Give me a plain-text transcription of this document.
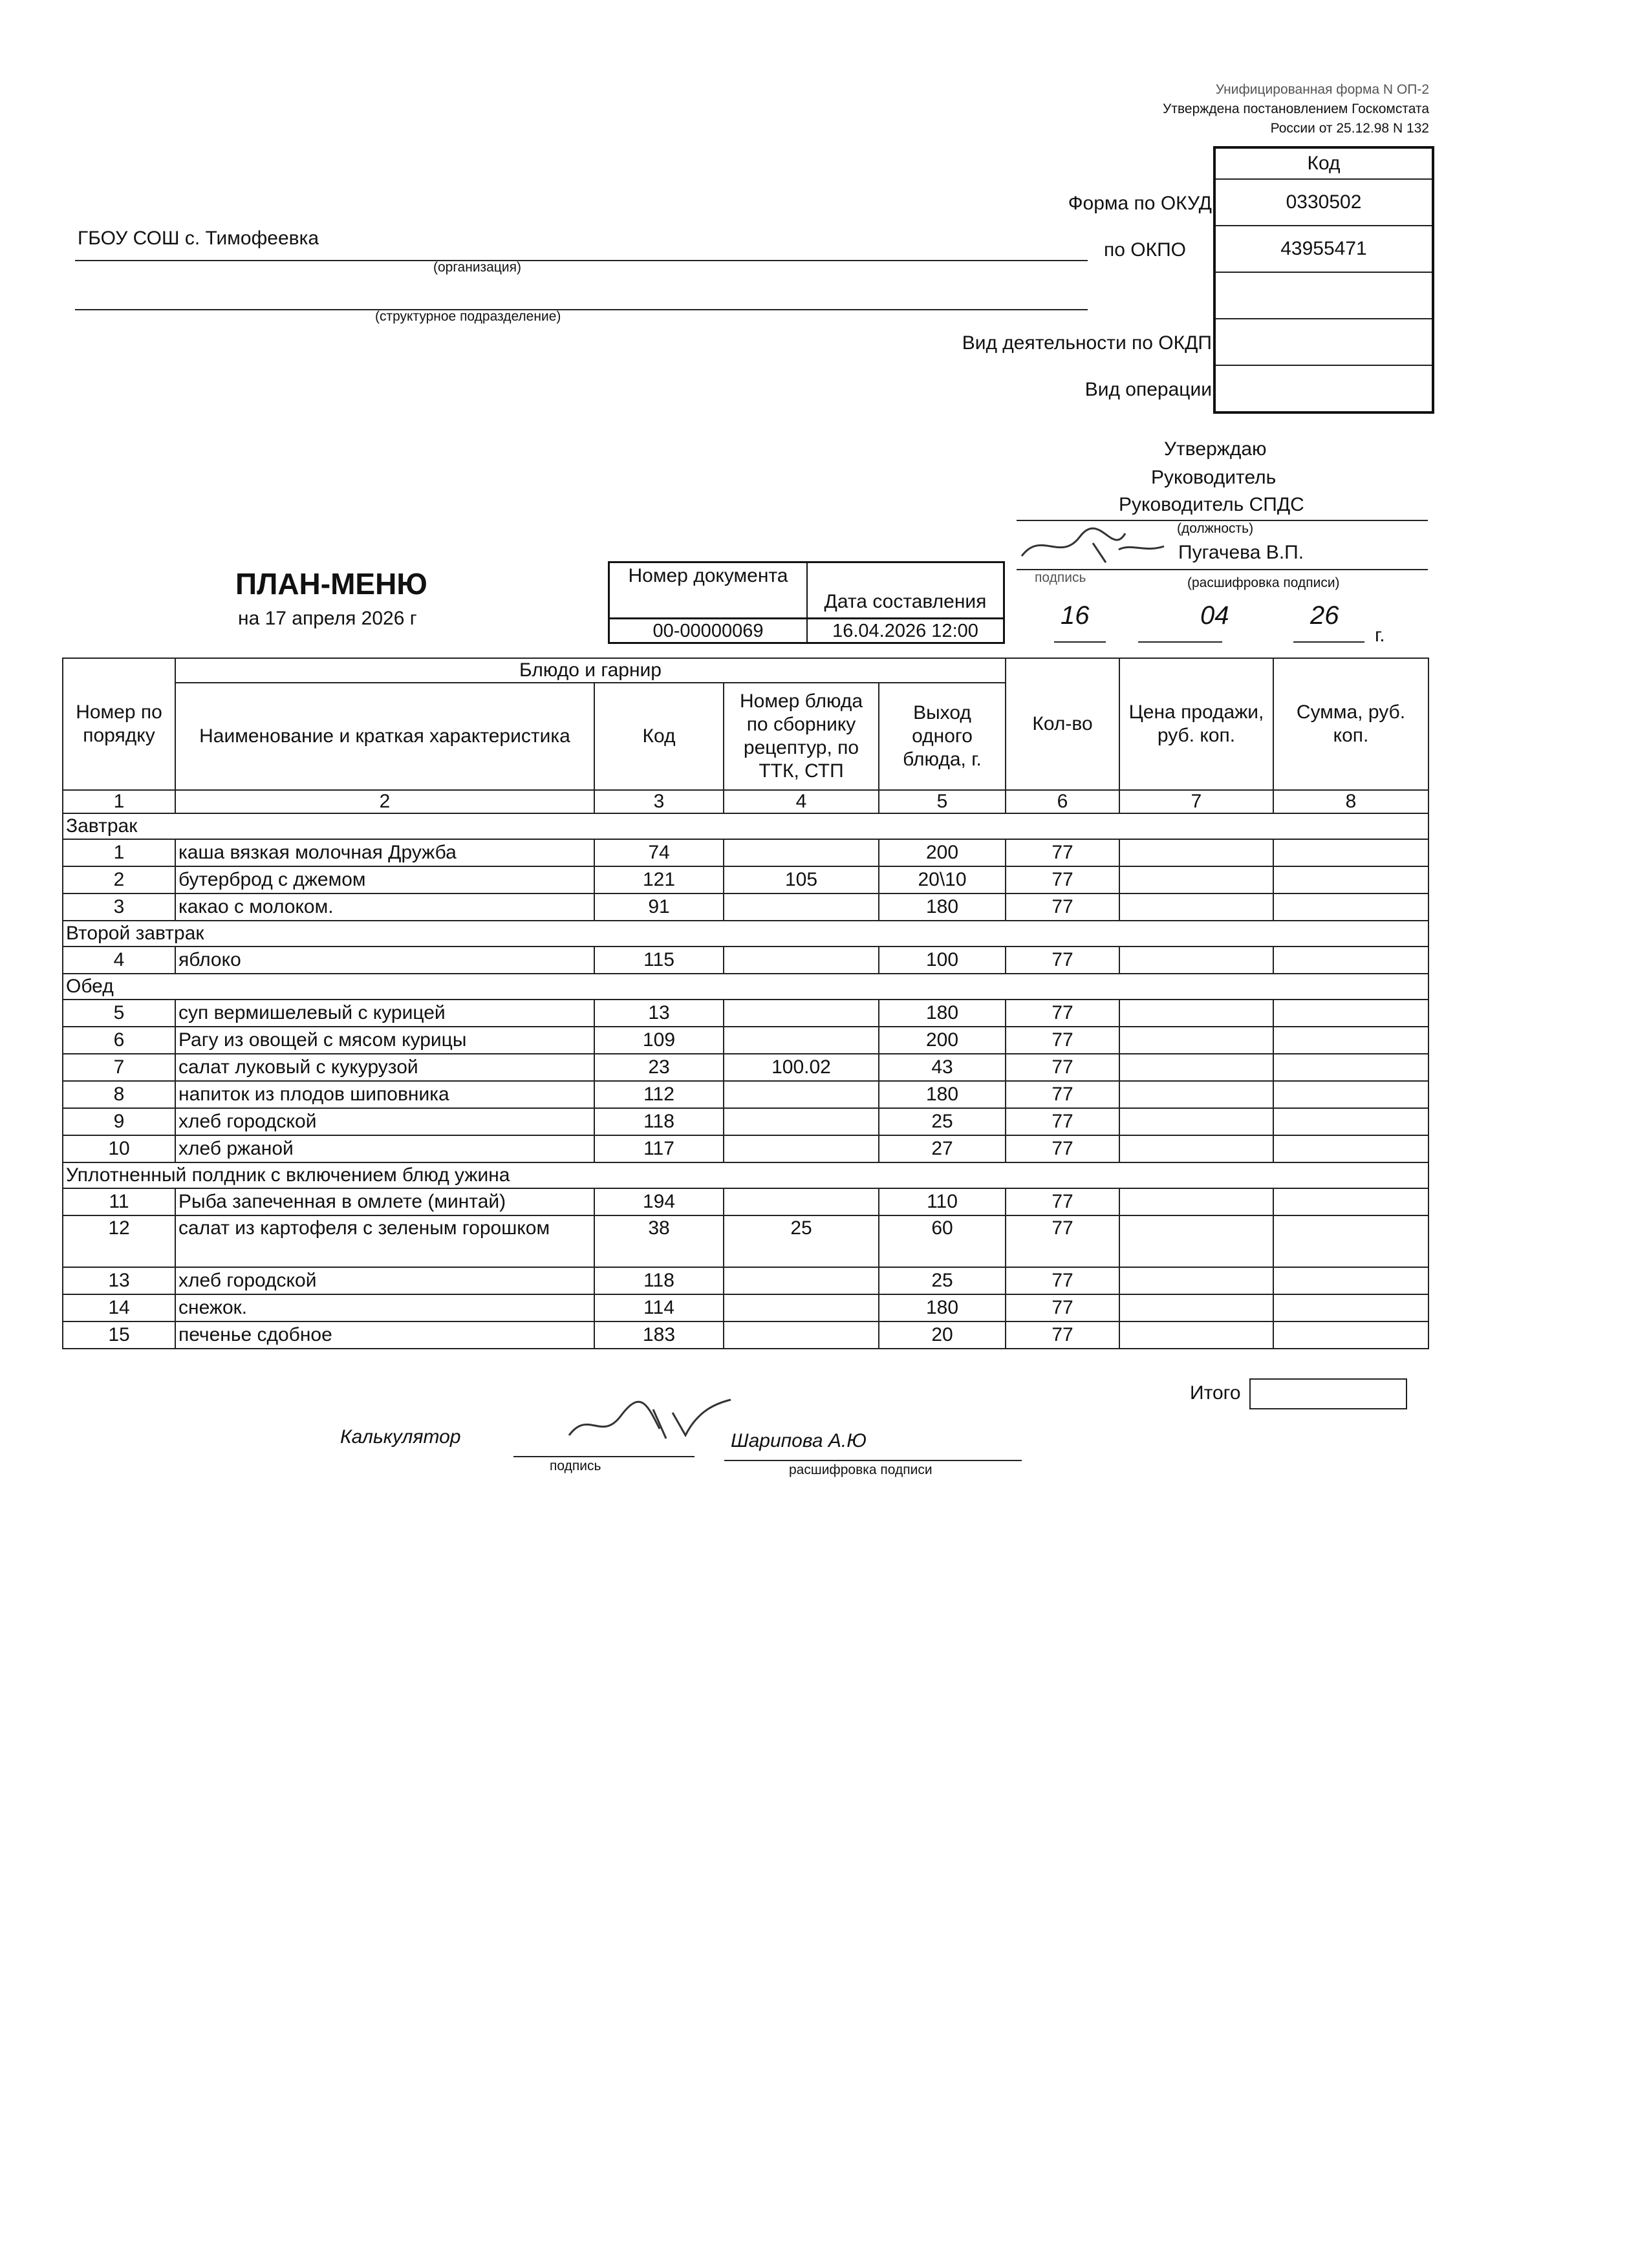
Унифицированная форма N ОП-2
Утверждена постановлением Госкомстата
России от 25.12.98 N 132
Код
0330502
43955471
Форма по ОКУД
по ОКПО
Вид деятельности по ОКДП
Вид операции
ГБОУ СОШ с. Тимофеевка
(организация)
(структурное подразделение)
Утверждаю
Руководитель
Руководитель СПДС
(должность)
Пугачева В.П.
подпись	(расшифровка подписи)
16	04	26
г.
ПЛАН-МЕНЮ
на 17 апреля 2026 г
Номер документа
00-00000069
Дата составления
16.04.2026 12:00
Номер по порядку	Блюдо и гарнир				Кол-во	Цена продажи, руб. коп.	Сумма, руб. коп.
	Наименование и краткая характеристика	Код	Номер блюда по сборнику рецептур, по ТТК, СТП	Выход одного блюда, г.			
1	2	3	4	5	6	7	8
Завтрак							
1	каша вязкая молочная Дружба	74		200	77		
2	бутерброд с джемом	121	105	20\10	77		
3	какао с молоком.	91		180	77		
Второй завтрак							
4	яблоко	115		100	77		
Обед							
5	суп вермишелевый с курицей	13		180	77		
6	Рагу из овощей с мясом курицы	109		200	77		
7	салат луковый с кукурузой	23	100.02	43	77		
8	напиток из плодов шиповника	112		180	77		
9	хлеб городской	118		25	77		
10	хлеб ржаной	117		27	77		
Уплотненный полдник с включением блюд ужина							
11	Рыба запеченная в омлете (минтай)	194		110	77		
12	салат из картофеля с зеленым горошком	38	25	60	77		
13	хлеб городской	118		25	77		
14	снежок.	114		180	77		
15	печенье сдобное	183		20	77		
Итого
Калькулятор
подпись
Шарипова А.Ю
расшифровка подписи
